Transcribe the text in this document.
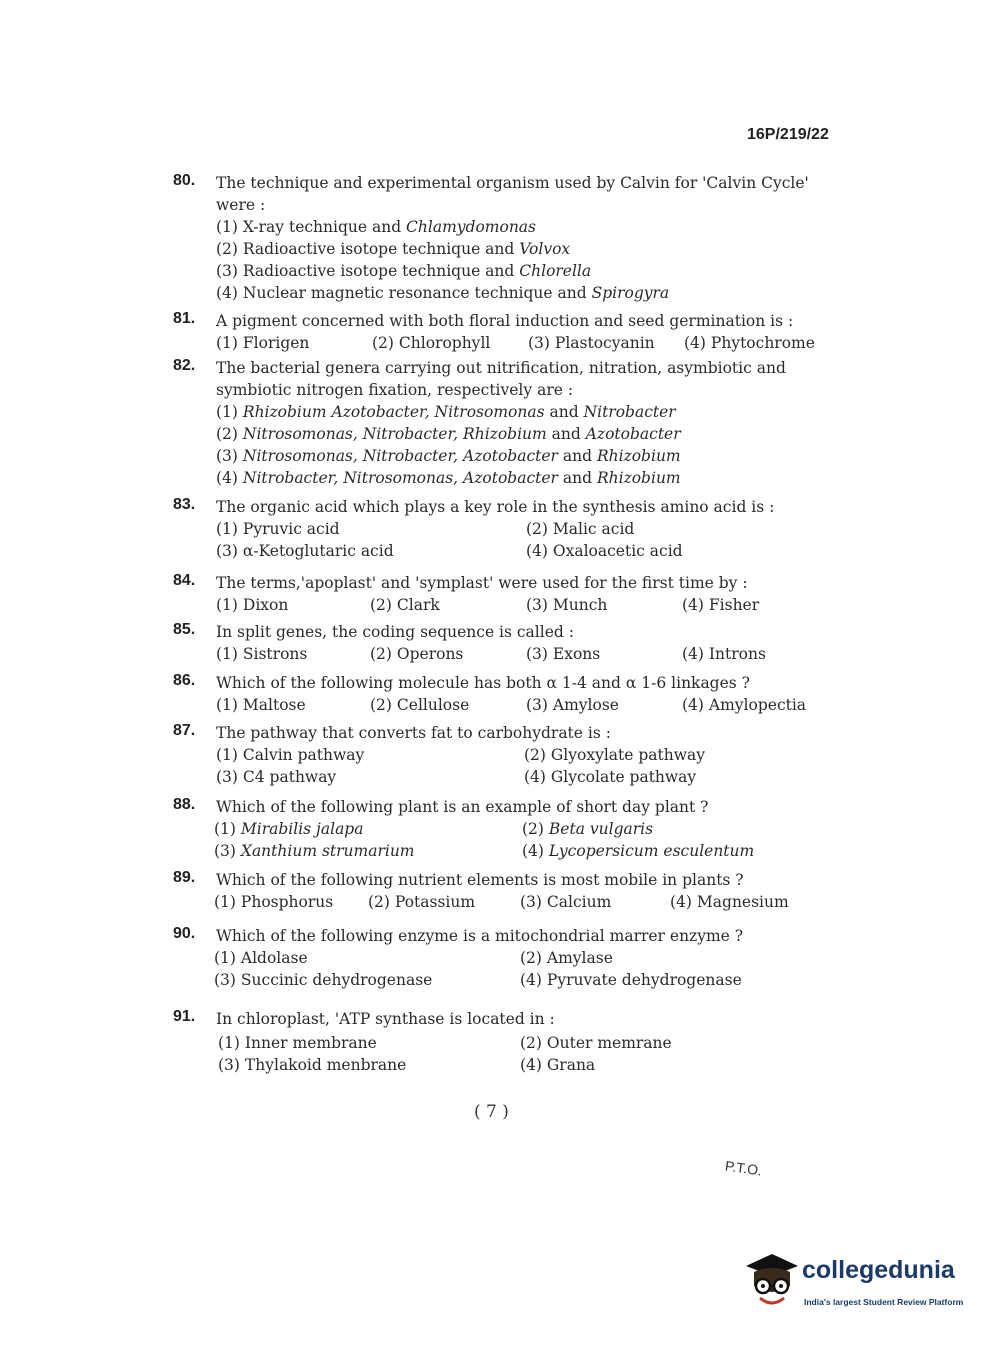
16P/219/22
80. The technique and experimental organism used by Calvin for 'Calvin Cycle' were :
(1) X-ray technique and Chlamydomonas
(2) Radioactive isotope technique and Volvox
(3) Radioactive isotope technique and Chlorella
(4) Nuclear magnetic resonance technique and Spirogyra
81. A pigment concerned with both floral induction and seed germination is :
(1) Florigen	(2) Chlorophyll (3) Plastocyanin (4) Phytochrome
82. The bacterial genera carrying out nitrification, nitration, asymbiotic and symbiotic nitrogen fixation, respectively are :
(1) Rhizobium Azotobacter, Nitrosomonas and Nitrobacter
(2) Nitrosomonas, Nitrobacter, Rhizobium and Azotobacter
(3) Nitrosomonas, Nitrobacter, Azotobacter and Rhizobium
(4) Nitrobacter, Nitrosomonas, Azotobacter and Rhizobium
83. The organic acid which plays a key role in the synthesis amino acid is :
(1) Pyruvic acid	(2) Malic acid
(3) α-Ketoglutaric acid	(4) Oxaloacetic acid
84. The terms,'apoplast' and 'symplast' were used for the first time by :
(1) Dixon	(2) Clark	(3) Munch	(4) Fisher
85. In split genes, the coding sequence is called :
(1) Sistrons	(2) Operons	(3) Exons	(4) Introns
86. Which of the following molecule has both α 1-4 and α 1-6 linkages ?
(1) Maltose	(2) Cellulose	(3) Amylose	(4) Amylopectia
87. The pathway that converts fat to carbohydrate is :
(1) Calvin pathway	(2) Glyoxylate pathway
(3) C4 pathway	(4) Glycolate pathway
88. Which of the following plant is an example of short day plant ?
(1) Mirabilis jalapa	(2) Beta vulgaris
(3) Xanthium strumarium	(4) Lycopersicum esculentum
89. Which of the following nutrient elements is most mobile in plants ?
(1) Phosphorus (2) Potassium	(3) Calcium	(4) Magnesium
90. Which of the following enzyme is a mitochondrial marrer enzyme ?
(1) Aldolase	(2) Amylase
(3) Succinic dehydrogenase	(4) Pyruvate dehydrogenase
91. In chloroplast, 'ATP synthase is located in :
(1) Inner membrane	(2) Outer memrane
(3) Thylakoid menbrane	(4) Grana
( 7 )
P.T.O.
collegedunia
India's largest Student Review Platform
